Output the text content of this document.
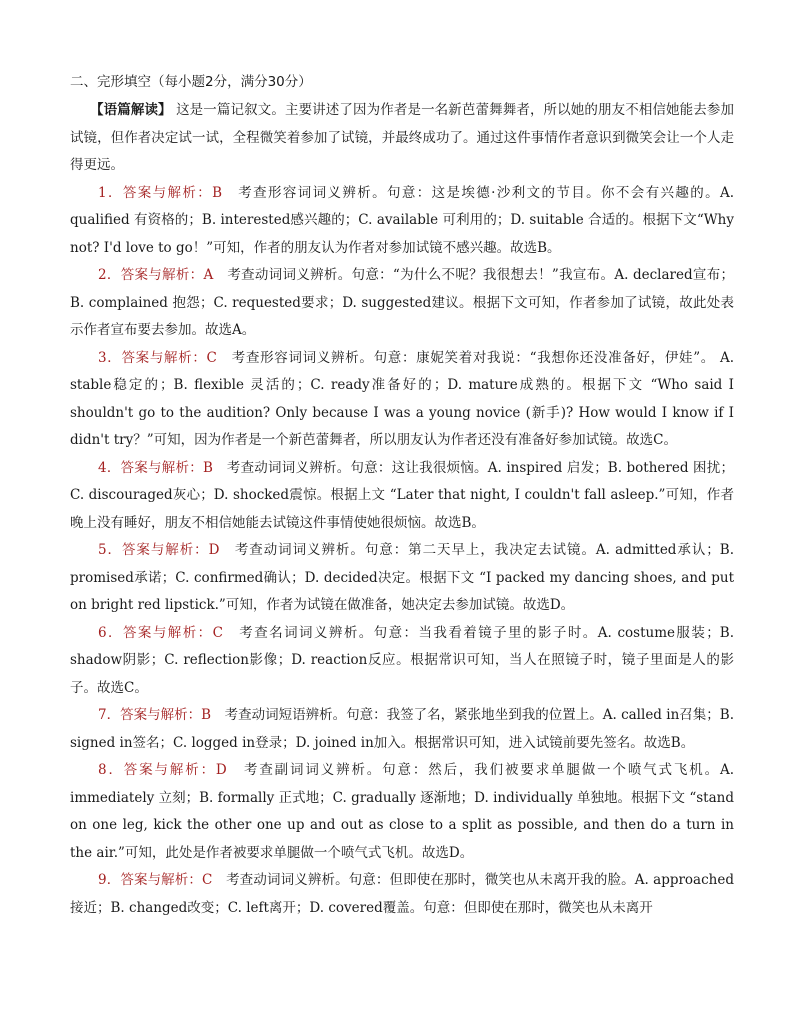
二、完形填空（每小题2分，满分30分）

【语篇解读】 这是一篇记叙文。主要讲述了因为作者是一名新芭蕾舞舞者，所以她的朋友不相信她能去参加试镜，但作者决定试一试，全程微笑着参加了试镜，并最终成功了。通过这件事情作者意识到微笑会让一个人走得更远。

1．答案与解析：B　考查形容词词义辨析。句意：这是埃德·沙利文的节目。你不会有兴趣的。A. qualified 有资格的；B. interested感兴趣的；C. available 可利用的；D. suitable 合适的。根据下文“Why not? I'd love to go！”可知，作者的朋友认为作者对参加试镜不感兴趣。故选B。

2．答案与解析：A　考查动词词义辨析。句意：“为什么不呢？我很想去！”我宣布。A. declared宣布；B. complained 抱怨；C. requested要求；D. suggested建议。根据下文可知，作者参加了试镜，故此处表示作者宣布要去参加。故选A。

3．答案与解析：C　考查形容词词义辨析。句意：康妮笑着对我说：“我想你还没准备好，伊娃”。 A. stable稳定的；B. flexible 灵活的；C. ready准备好的；D. mature成熟的。根据下文 “Who said I shouldn't go to the audition? Only because I was a young novice (新手)? How would I know if I didn't try？”可知，因为作者是一个新芭蕾舞者，所以朋友认为作者还没有准备好参加试镜。故选C。

4．答案与解析：B　考查动词词义辨析。句意：这让我很烦恼。A. inspired 启发；B. bothered 困扰；C. discouraged灰心；D. shocked震惊。根据上文 “Later that night, I couldn't fall asleep.”可知，作者晚上没有睡好，朋友不相信她能去试镜这件事情使她很烦恼。故选B。

5．答案与解析：D　考查动词词义辨析。句意：第二天早上，我决定去试镜。A. admitted承认；B. promised承诺；C. confirmed确认；D. decided决定。根据下文 “I packed my dancing shoes, and put on bright red lipstick.”可知，作者为试镜在做准备，她决定去参加试镜。故选D。

6．答案与解析：C　考查名词词义辨析。句意：当我看着镜子里的影子时。A. costume服装；B. shadow阴影；C. reflection影像；D. reaction反应。根据常识可知，当人在照镜子时，镜子里面是人的影子。故选C。

7．答案与解析：B　考查动词短语辨析。句意：我签了名，紧张地坐到我的位置上。A. called in召集；B. signed in签名；C. logged in登录；D. joined in加入。根据常识可知，进入试镜前要先签名。故选B。

8．答案与解析：D　考查副词词义辨析。句意：然后，我们被要求单腿做一个喷气式飞机。A. immediately 立刻；B. formally 正式地；C. gradually 逐渐地；D. individually 单独地。根据下文 “stand on one leg, kick the other one up and out as close to a split as possible, and then do a turn in the air.”可知，此处是作者被要求单腿做一个喷气式飞机。故选D。

9．答案与解析：C　考查动词词义辨析。句意：但即使在那时，微笑也从未离开我的脸。A. approached接近；B. changed改变；C. left离开；D. covered覆盖。句意：但即使在那时，微笑也从未离开
